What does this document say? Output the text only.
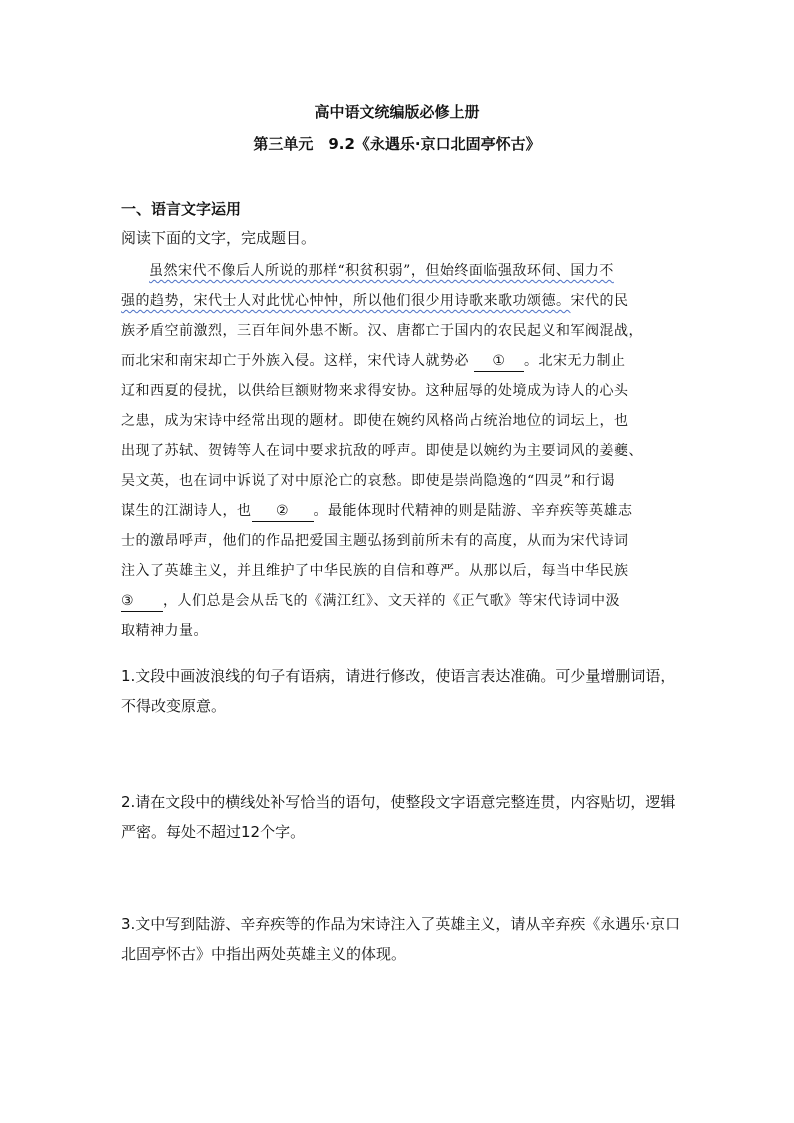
高中语文统编版必修上册
第三单元　9.2《永遇乐·京口北固亭怀古》
一、语言文字运用
阅读下面的文字，完成题目。
虽然宋代不像后人所说的那样“积贫积弱”，但始终面临强敌环伺、国力不
强的趋势，宋代士人对此忧心忡忡，所以他们很少用诗歌来歌功颂德。宋代的民
族矛盾空前激烈，三百年间外患不断。汉、唐都亡于国内的农民起义和军阀混战，
而北宋和南宋却亡于外族入侵。这样，宋代诗人就势必 ① 。北宋无力制止
辽和西夏的侵扰，以供给巨额财物来求得安协。这种屈辱的处境成为诗人的心头
之患，成为宋诗中经常出现的题材。即使在婉约风格尚占统治地位的词坛上，也
出现了苏轼、贺铸等人在词中要求抗敌的呼声。即使是以婉约为主要词风的姜夔、
吴文英，也在词中诉说了对中原沦亡的哀愁。即使是崇尚隐逸的“四灵”和行谒
谋生的江湖诗人，也 ② 。最能体现时代精神的则是陆游、辛弃疾等英雄志
士的激昂呼声，他们的作品把爱国主题弘扬到前所未有的高度，从而为宋代诗词
注入了英雄主义，并且维护了中华民族的自信和尊严。从那以后，每当中华民族
③ ，人们总是会从岳飞的《满江红》、文天祥的《正气歌》等宋代诗词中汲
取精神力量。
1.文段中画波浪线的句子有语病，请进行修改，使语言表达准确。可少量增删词语，不得改变原意。
2.请在文段中的横线处补写恰当的语句，使整段文字语意完整连贯，内容贴切，逻辑严密。每处不超过12个字。
3.文中写到陆游、辛弃疾等的作品为宋诗注入了英雄主义，请从辛弃疾《永遇乐·京口北固亭怀古》中指出两处英雄主义的体现。
